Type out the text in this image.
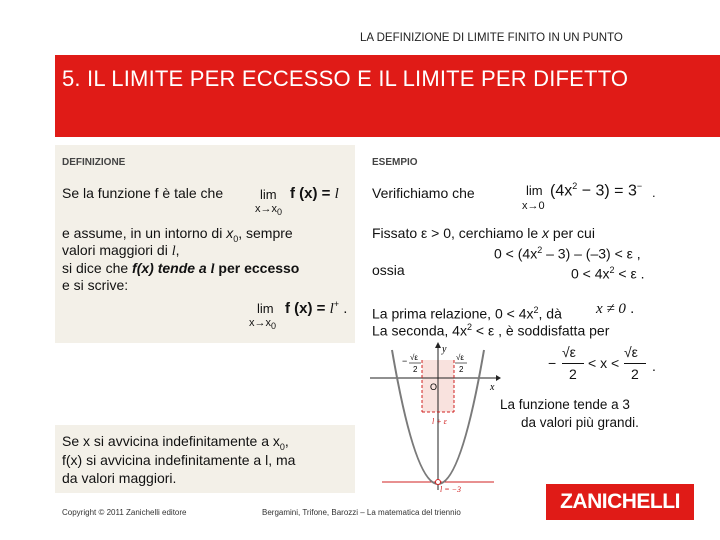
LA DEFINIZIONE DI LIMITE FINITO IN UN PUNTO
5. IL LIMITE PER ECCESSO E IL LIMITE PER DIFETTO
DEFINIZIONE
Se la funzione f è tale che	lim f (x) = l
$x\to x_0$
e assume, in un intorno di $x_0$, sempre
valori maggiori di l,
si dice che f(x) tende a l per eccesso
e si scrive:
lim f (x) = l+ .
$x\to x_0$
Se x si avvicina indefinitamente a $x_0$,
f(x) si avvicina indefinitamente a l, ma
da valori maggiori.
ESEMPIO
Verifichiamo che	$\lim (4x^2 - 3) = 3^-$ .
x→0
Fissato ε > 0, cerchiamo le x per cui
$0 < (4x^2 - 3) - (-3) < \varepsilon$ ,
ossia	$0 < 4x^2 < \varepsilon$ .
La prima relazione, $0 < 4x^2$, dà x ≠ 0 .
La seconda, $4x^2 < \varepsilon$ , è soddisfatta per
−
√ε
2
< x <
√ε
2 .
y
x
O
− √ε
2
√ε
2
l + ε
l = −3
La funzione tende a 3
da valori più grandi.
Copyright © 2011 Zanichelli editore	Bergamini, Trifone, Barozzi – La matematica del triennio	ZANICHELLI
